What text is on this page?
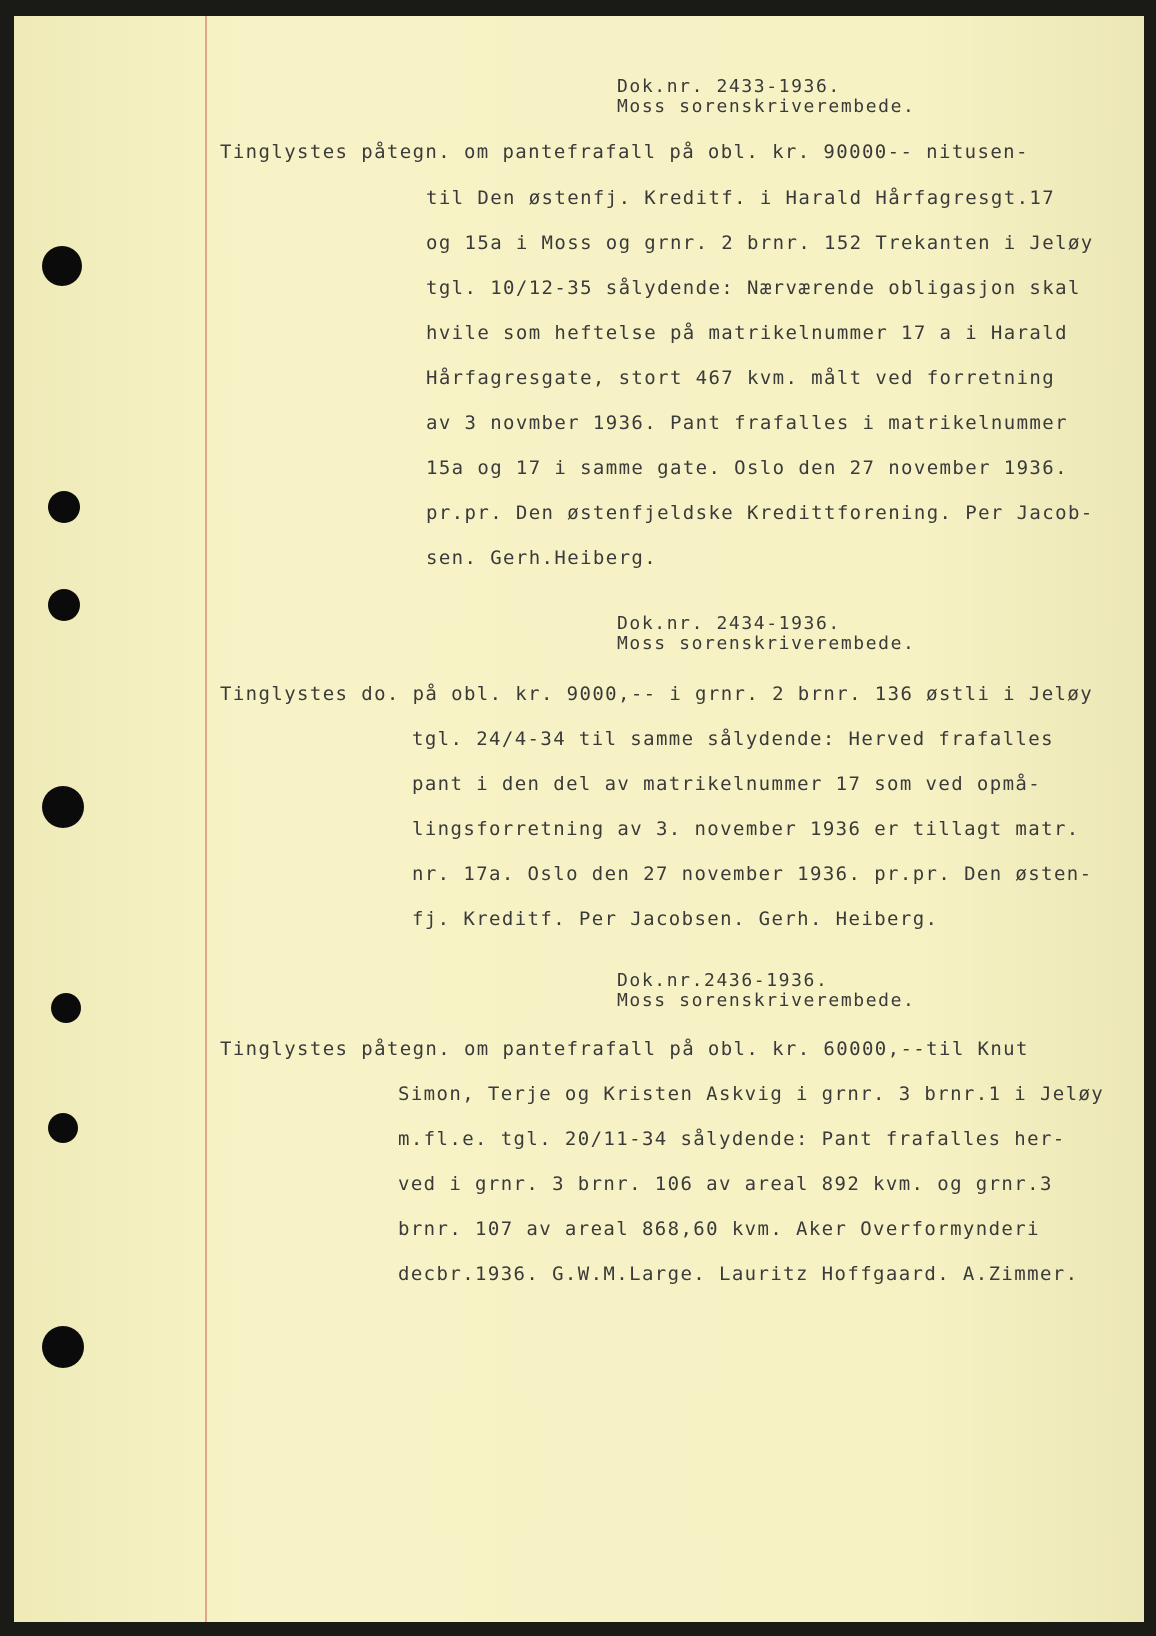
Dok.nr. 2433-1936.
Moss sorenskriverembede.
Tinglystes påtegn. om pantefrafall på obl. kr. 90000-- nitusen-
til Den østenfj. Kreditf. i Harald Hårfagresgt.17
og 15a i Moss og grnr. 2 brnr. 152 Trekanten i Jeløy
tgl. 10/12-35 sålydende: Nærværende obligasjon skal
hvile som heftelse på matrikelnummer 17 a i Harald
Hårfagresgate, stort 467 kvm. målt ved forretning
av 3 novmber 1936. Pant frafalles i matrikelnummer
15a og 17 i samme gate. Oslo den 27 november 1936.
pr.pr. Den østenfjeldske Kredittforening. Per Jacob-
sen. Gerh.Heiberg.
Dok.nr. 2434-1936.
Moss sorenskriverembede.
Tinglystes do. på obl. kr. 9000,-- i grnr. 2 brnr. 136 østli i Jeløy
tgl. 24/4-34 til samme sålydende: Herved frafalles
pant i den del av matrikelnummer 17 som ved opmå-
lingsforretning av 3. november 1936 er tillagt matr.
nr. 17a. Oslo den 27 november 1936. pr.pr. Den østen-
fj. Kreditf. Per Jacobsen. Gerh. Heiberg.
Dok.nr.2436-1936.
Moss sorenskriverembede.
Tinglystes påtegn. om pantefrafall på obl. kr. 60000,--til Knut
Simon, Terje og Kristen Askvig i grnr. 3 brnr.1 i Jeløy
m.fl.e. tgl. 20/11-34 sålydende: Pant frafalles her-
ved i grnr. 3 brnr. 106 av areal 892 kvm. og grnr.3
brnr. 107 av areal 868,60 kvm. Aker Overformynderi
decbr.1936. G.W.M.Large. Lauritz Hoffgaard. A.Zimmer.
